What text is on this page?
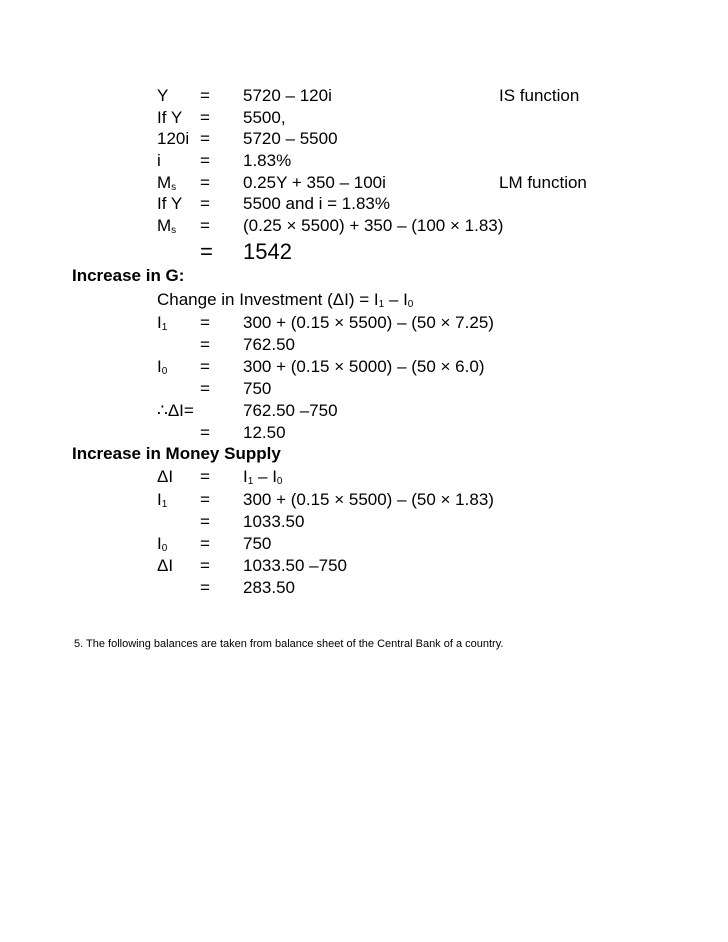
Y = 5720 – 120i	IS function
If Y = 5500,
120i = 5720 – 5500
i = 1.83%
$M_s = 0.25Y + 350 - 100i$	LM function
If Y = 5500 and i = 1.83%
$M_s = (0.25 \times 5500) + 350 - (100 \times 1.83)$
= 1542
Increase in G:
Change in Investment $(\Delta I) = I_1 - I_0$
$I_1 = 300 + (0.15 \times 5500) - (50 \times 7.25)$
= 762.50
$I_0 = 300 + (0.15 \times 5000) - (50 \times 6.0)$
= 750
∴ΔI=	762.50 –750
= 12.50
Increase in Money Supply
$\Delta I = I_1 - I_0$
$I_1 = 300 + (0.15 \times 5500) - (50 \times 1.83)$
= 1033.50
$I_0 = 750$
ΔI = 1033.50 –750
= 283.50
5. The following balances are taken from balance sheet of the Central Bank of a country.
